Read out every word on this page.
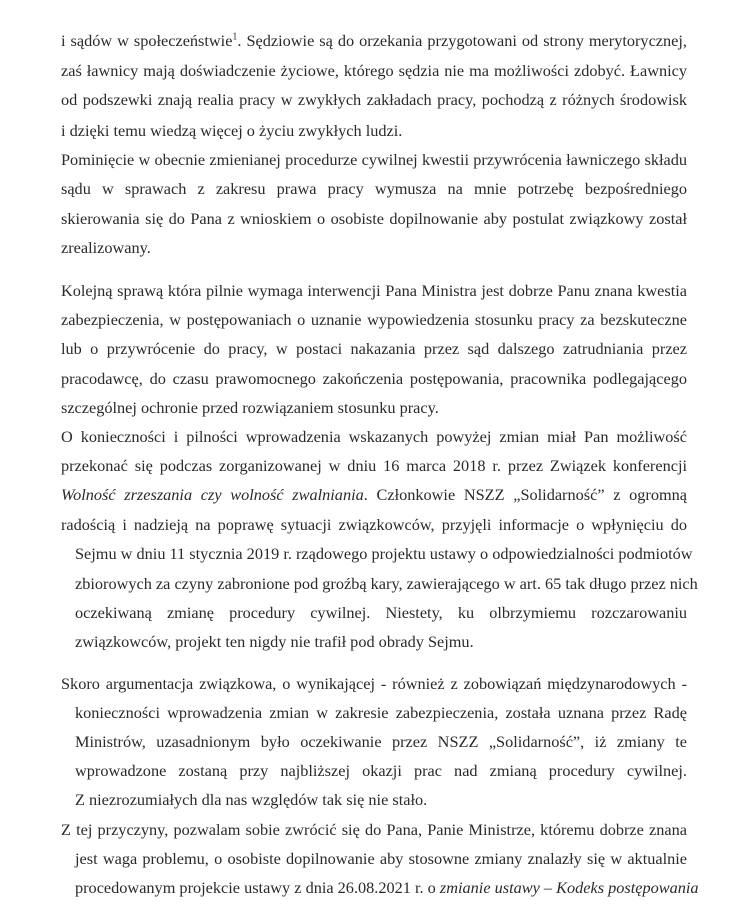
i sądów w społeczeństwie$^1$. Sędziowie są do orzekania przygotowani od strony merytorycznej,
zaś ławnicy mają doświadczenie życiowe, którego sędzia nie ma możliwości zdobyć. Ławnicy
od podszewki znają realia pracy w zwykłych zakładach pracy, pochodzą z różnych środowisk
i dzięki temu wiedzą więcej o życiu zwykłych ludzi.
Pominięcie w obecnie zmienianej procedurze cywilnej kwestii przywrócenia ławniczego składu
sądu w sprawach z zakresu prawa pracy wymusza na mnie potrzebę bezpośredniego
skierowania się do Pana z wnioskiem o osobiste dopilnowanie aby postulat związkowy został
zrealizowany.
Kolejną sprawą która pilnie wymaga interwencji Pana Ministra jest dobrze Panu znana kwestia
zabezpieczenia, w postępowaniach o uznanie wypowiedzenia stosunku pracy za bezskuteczne
lub o przywrócenie do pracy, w postaci nakazania przez sąd dalszego zatrudniania przez
pracodawcę, do czasu prawomocnego zakończenia postępowania, pracownika podlegającego
szczególnej ochronie przed rozwiązaniem stosunku pracy.
O konieczności i pilności wprowadzenia wskazanych powyżej zmian miał Pan możliwość
przekonać się podczas zorganizowanej w dniu 16 marca 2018 r. przez Związek konferencji
Wolność zrzeszania czy wolność zwalniania. Członkowie NSZZ „Solidarność” z ogromną
radością i nadzieją na poprawę sytuacji związkowców, przyjęli informacje o wpłynięciu do
Sejmu w dniu 11 stycznia 2019 r. rządowego projektu ustawy o odpowiedzialności podmiotów
zbiorowych za czyny zabronione pod groźbą kary, zawierającego w art. 65 tak długo przez nich
oczekiwaną zmianę procedury cywilnej. Niestety, ku olbrzymiemu rozczarowaniu
związkowców, projekt ten nigdy nie trafił pod obrady Sejmu.
Skoro argumentacja związkowa, o wynikającej - również z zobowiązań międzynarodowych -
konieczności wprowadzenia zmian w zakresie zabezpieczenia, została uznana przez Radę
Ministrów, uzasadnionym było oczekiwanie przez NSZZ „Solidarność”, iż zmiany te
wprowadzone zostaną przy najbliższej okazji prac nad zmianą procedury cywilnej.
Z niezrozumiałych dla nas względów tak się nie stało.
Z tej przyczyny, pozwalam sobie zwrócić się do Pana, Panie Ministrze, któremu dobrze znana
jest waga problemu, o osobiste dopilnowanie aby stosowne zmiany znalazły się w aktualnie
procedowanym projekcie ustawy z dnia 26.08.2021 r. o zmianie ustawy – Kodeks postępowania
